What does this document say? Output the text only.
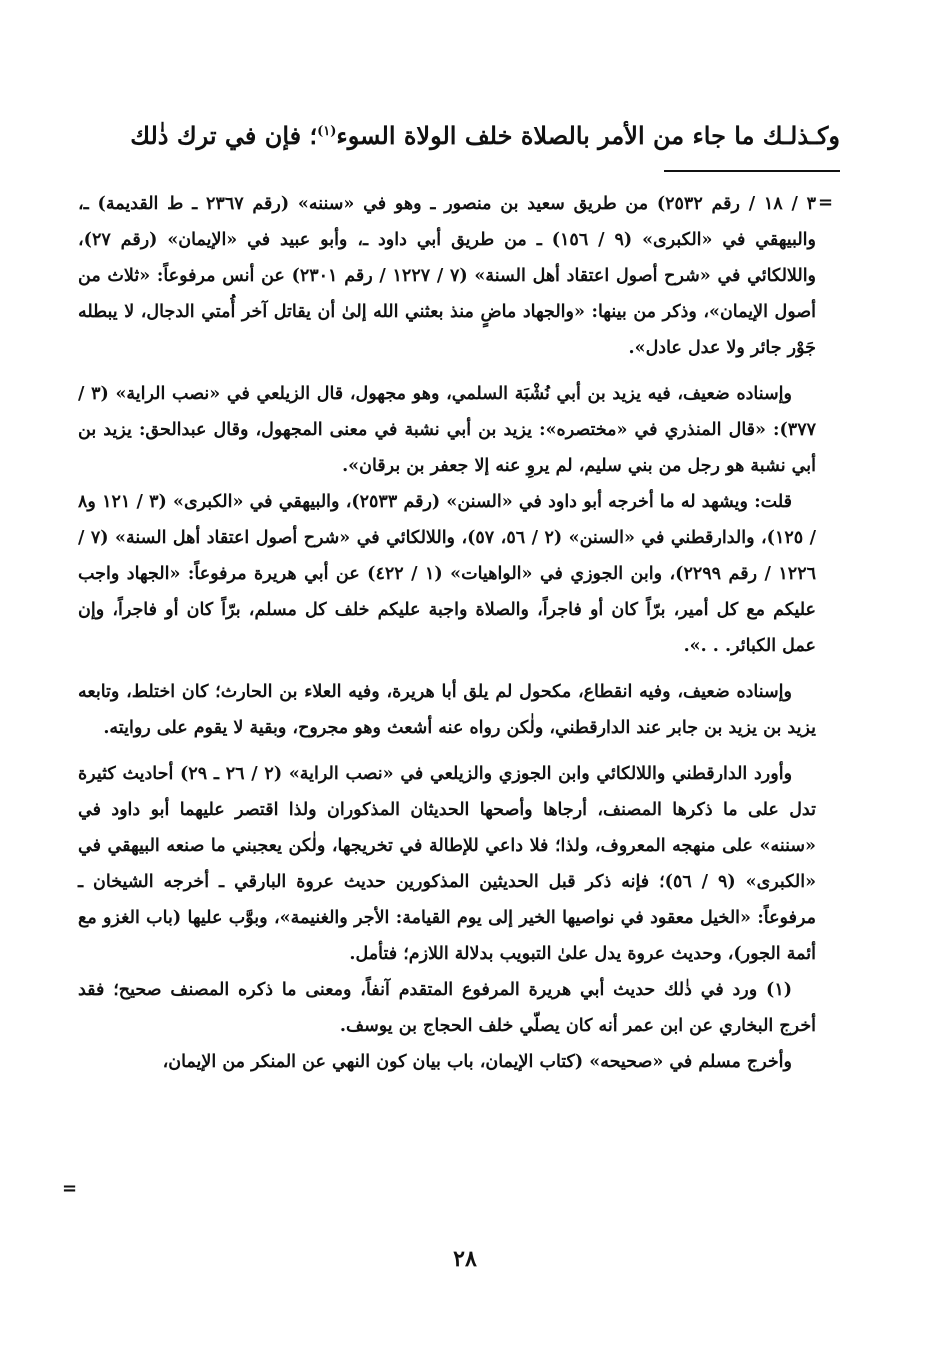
وكـذلـك ما جاء من الأمر بالصلاة خلف الولاة السوء$^{(١)}$؛ فإن في ترك ذٰلك
=

٣ / ١٨ / رقم ٢٥٣٢) من طريق سعيد بن منصور ـ وهو في «سننه» (رقم ٢٣٦٧ ـ ط القديمة) ـ، والبيهقي في «الكبرى» (٩ / ١٥٦) ـ من طريق أبي داود ـ، وأبو عبيد في «الإيمان» (رقم ٢٧)، واللالكائي في «شرح أصول اعتقاد أهل السنة» (٧ / ١٢٢٧ / رقم ٢٣٠١) عن أنس مرفوعاً: «ثلاث من أصول الإيمان»، وذكر من بينها: «والجهاد ماضٍ منذ بعثني الله إلىٰ أن يقاتل آخر أُمتي الدجال، لا يبطله جَوْر جائر ولا عدل عادل».

وإسناده ضعيف، فيه يزيد بن أبي نُشْبَة السلمي، وهو مجهول، قال الزيلعي في «نصب الراية» (٣ / ٣٧٧): «قال المنذري في «مختصره»: يزيد بن أبي نشبة في معنى المجهول، وقال عبدالحق: يزيد بن أبي نشبة هو رجل من بني سليم، لم يروِ عنه إلا جعفر بن برقان».

قلت: ويشهد له ما أخرجه أبو داود في «السنن» (رقم ٢٥٣٣)، والبيهقي في «الكبرى» (٣ / ١٢١ و٨ / ١٢٥)، والدارقطني في «السنن» (٢ / ٥٦، ٥٧)، واللالكائي في «شرح أصول اعتقاد أهل السنة» (٧ / ١٢٢٦ / رقم ٢٢٩٩)، وابن الجوزي في «الواهيات» (١ / ٤٢٢) عن أبي هريرة مرفوعاً: «الجهاد واجب عليكم مع كل أمير، برّاً كان أو فاجراً، والصلاة واجبة عليكم خلف كل مسلم، برّاً كان أو فاجراً، وإن عمل الكبائر. . .».

وإسناده ضعيف، وفيه انقطاع، مكحول لم يلق أبا هريرة، وفيه العلاء بن الحارث؛ كان اختلط، وتابعه يزيد بن يزيد بن جابر عند الدارقطني، ولٰكن رواه عنه أشعث وهو مجروح، وبقية لا يقوم على روايته.

وأورد الدارقطني واللالكائي وابن الجوزي والزيلعي في «نصب الراية» (٢ / ٢٦ ـ ٢٩) أحاديث كثيرة تدل على ما ذكرها المصنف، أرجاها وأصحها الحديثان المذكوران ولذا اقتصر عليهما أبو داود في «سننه» على منهجه المعروف، ولذا؛ فلا داعي للإطالة في تخريجها، ولٰكن يعجبني ما صنعه البيهقي في «الكبرى» (٩ / ٥٦)؛ فإنه ذكر قبل الحديثين المذكورين حديث عروة البارقي ـ أخرجه الشيخان ـ مرفوعاً: «الخيل معقود في نواصيها الخير إلى يوم القيامة: الأجر والغنيمة»، وبوَّب عليها (باب الغزو مع أئمة الجور)، وحديث عروة يدل علىٰ التبويب بدلالة اللازم؛ فتأمل.

(١) ورد في ذٰلك حديث أبي هريرة المرفوع المتقدم آنفاً، ومعنى ما ذكره المصنف صحيح؛ فقد أخرج البخاري عن ابن عمر أنه كان يصلّي خلف الحجاج بن يوسف.

وأخرج مسلم في «صحيحه» (كتاب الإيمان، باب بيان كون النهي عن المنكر من الإيمان،

=
٢٨
